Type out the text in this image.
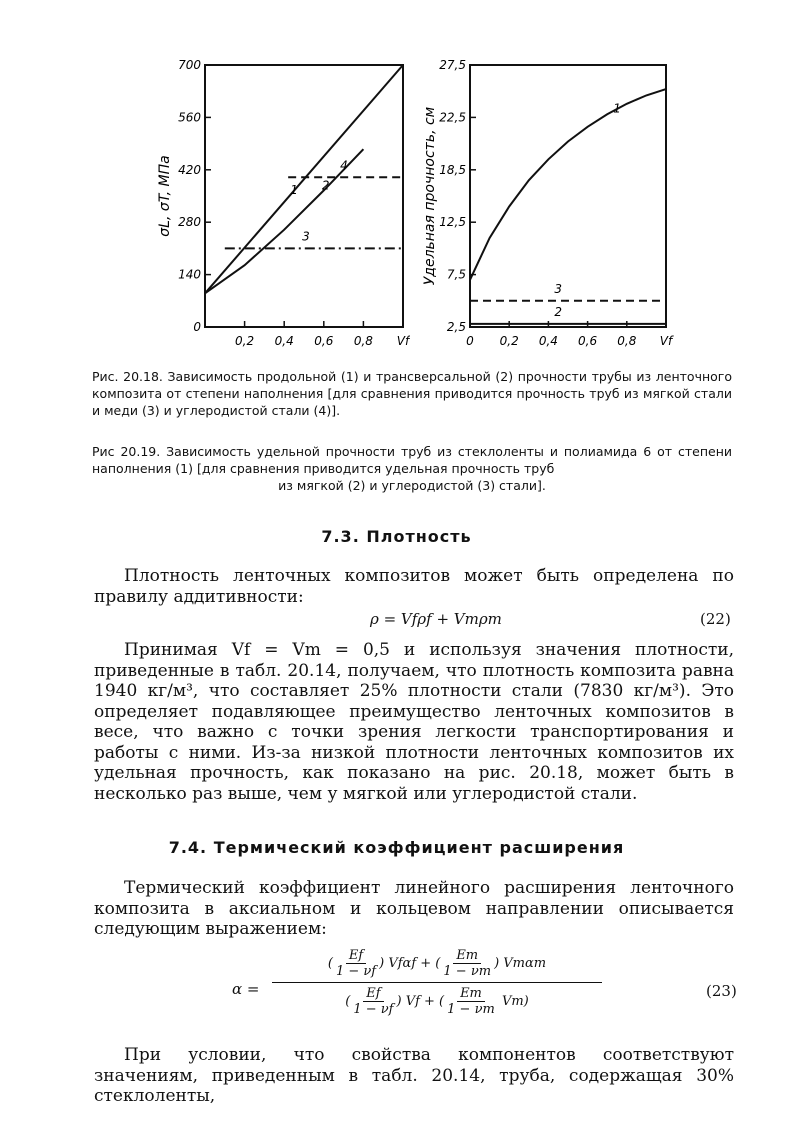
0
140
280
420
560
700
0,2 0,4 0,6 0,8 Vf
1 2
3
4
σL, σT, МПа
2,5
7,5
12,5
18,5
22,5
27,5
0 0,2 0,4 0,6 0,8 Vf
1
3
2
Удельная прочность, см
Рис. 20.18. Зависимость продольной (1) и трансверсальной (2) прочности трубы из ленточного композита от степени наполнения [для сравнения приводится прочность труб из мягкой стали и меди (3) и углеродистой стали (4)].
Рис 20.19. Зависимость удельной прочности труб из стеклоленты и полиамида 6 от степени наполнения (1) [для сравнения приводится удельная прочность труб
из мягкой (2) и углеродистой (3) стали].
7.3. Плотность
Плотность ленточных композитов может быть определена по правилу аддитивности:
ρ = Vfρf + Vmρm	(22)
Принимая Vf = Vm = 0,5 и используя значения плотности, приведенные в табл. 20.14, получаем, что плотность композита равна 1940 кг/м³, что составляет 25% плотности стали (7830 кг/м³). Это определяет подавляющее преимущество ленточных композитов в весе, что важно с точки зрения легкости транспортирования и работы с ними. Из-за низкой плотности ленточных композитов их удельная прочность, как показано на рис. 20.18, может быть в несколько раз выше, чем у мягкой или углеродистой стали.
7.4. Термический коэффициент расширения
Термический коэффициент линейного расширения ленточного композита в аксиальном и кольцевом направлении описывается следующим выражением:
α =
( $\frac{Ef}{1 - \nu f}$ ) Vfαf + ( $\frac{Em}{1 - \nu m}$ ) Vmαm
( $\frac{Ef}{1 - \nu f}$ ) Vf + ( $\frac{Em}{1 - \nu m} Vm$)
(23)
При условии, что свойства компонентов соответствуют значениям, приведенным в табл. 20.14, труба, содержащая 30% стеклоленты,
